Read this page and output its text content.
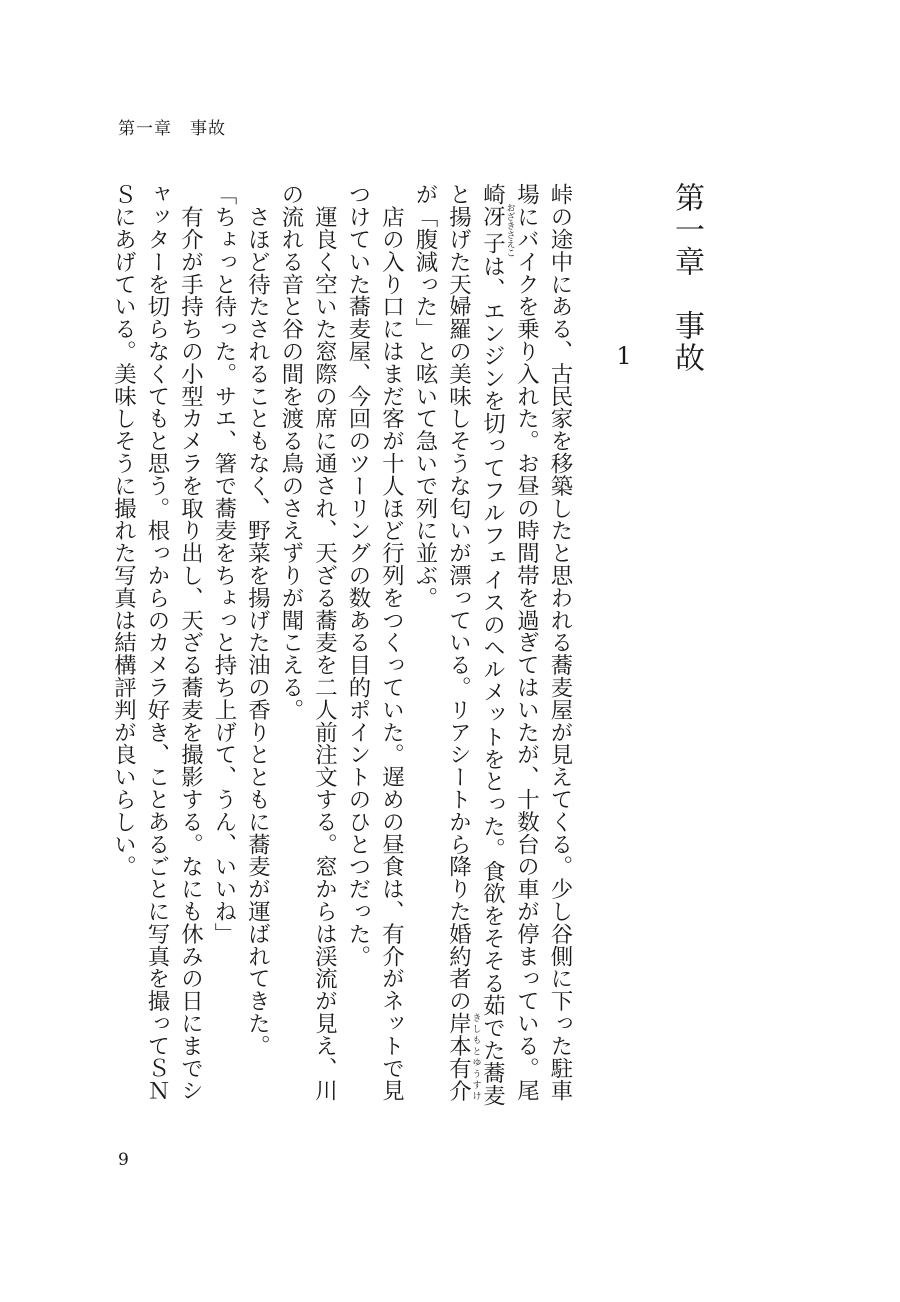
第一章　事故
第一章　事故
1

峠の途中にある、古民家を移築したと思われる蕎麦屋が見えてくる。少し谷側に下った駐車場にバイクを乗り入れた。お昼の時間帯を過ぎてはいたが、十数台の車が停まっている。尾崎冴子 おざきさえこは、エンジンを切ってフルフェイスのヘルメットをとった。食欲をそそる茹でた蕎麦と揚げた天婦羅の美味しそうな匂いが漂っている。リアシートから降りた婚約者の岸本有介 きしもとゆうすけが「腹減った」と呟いて急いで列に並ぶ。

　店の入り口にはまだ客が十人ほど行列をつくっていた。遅めの昼食は、有介がネットで見つけていた蕎麦屋、今回のツーリングの数ある目的ポイントのひとつだった。

　運良く空いた窓際の席に通され、天ざる蕎麦を二人前注文する。窓からは渓流が見え、川の流れる音と谷の間を渡る鳥のさえずりが聞こえる。

　さほど待たされることもなく、野菜を揚げた油の香りとともに蕎麦が運ばれてきた。

「ちょっと待った。サエ、箸で蕎麦をちょっと持ち上げて、うん、いいね」

　有介が手持ちの小型カメラを取り出し、天ざる蕎麦を撮影する。なにも休みの日にまでシャッターを切らなくてもと思う。根っからのカメラ好き、ことあるごとに写真を撮ってＳＮＳにあげている。美味しそうに撮れた写真は結構評判が良いらしい。

9
